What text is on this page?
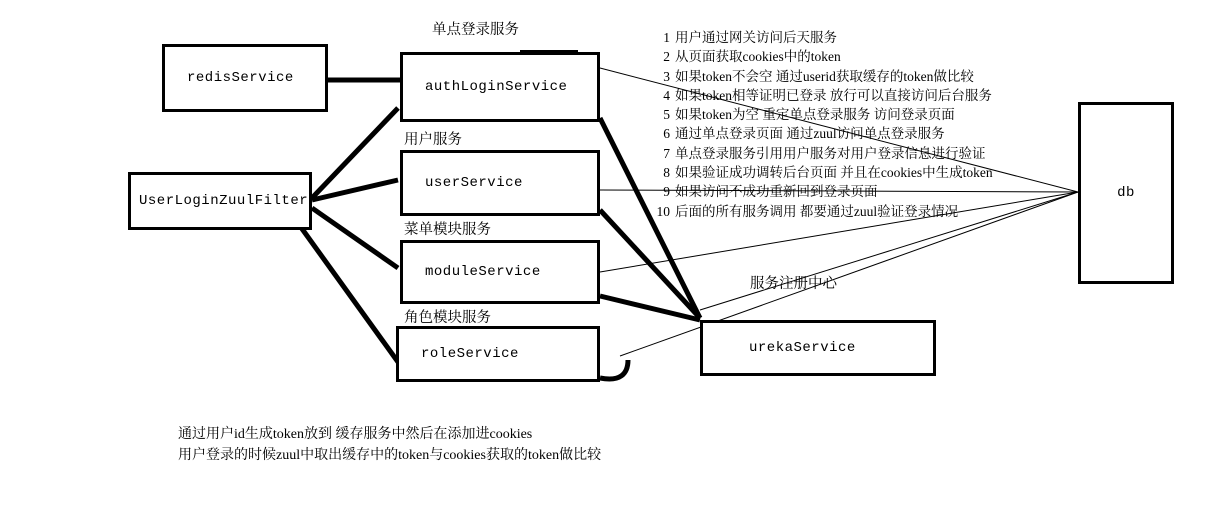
单点登录服务
用户服务
菜单模块服务
角色模块服务
服务注册中心
redisService
authLoginService
UserLoginZuulFilter
userService
moduleService
roleService	urekaService
db
1 用户通过网关访问后天服务
2 从页面获取cookies中的token
3 如果token不会空 通过userid获取缓存的token做比较
4 如果token相等证明已登录 放行可以直接访问后台服务
5 如果token为空 重定单点登录服务 访问登录页面
6 通过单点登录页面 通过zuul访问单点登录服务
7 单点登录服务引用用户服务对用户登录信息进行验证
8 如果验证成功调转后台页面 并且在cookies中生成token
9 如果访问不成功重新回到登录页面
10 后面的所有服务调用 都要通过zuul验证登录情况
通过用户id生成token放到 缓存服务中然后在添加进cookies
用户登录的时候zuul中取出缓存中的token与cookies获取的token做比较
